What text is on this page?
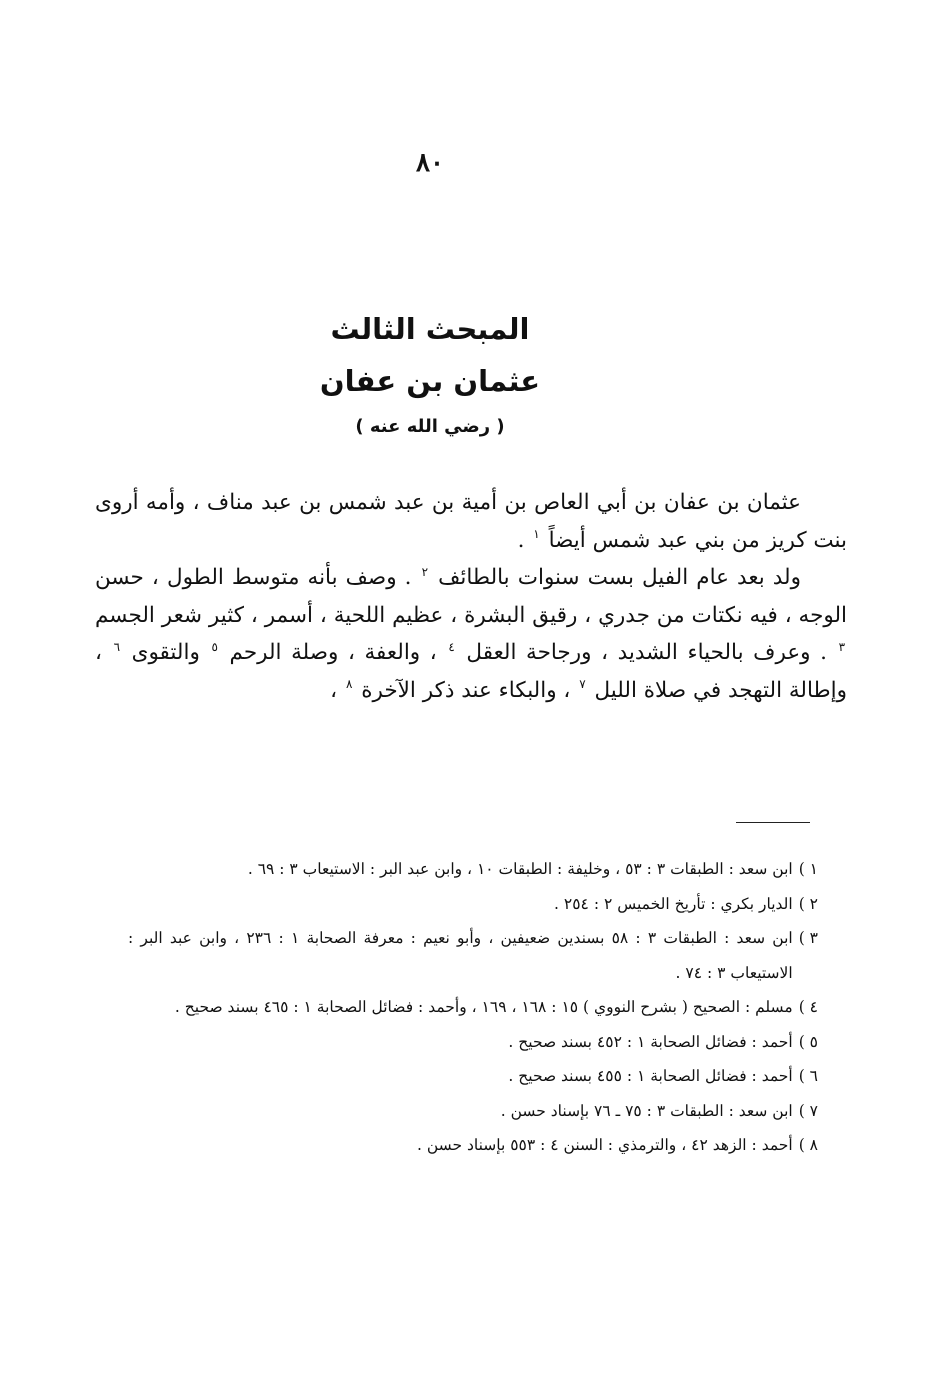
٨٠
المبحث الثالث
عثمان بن عفان
( رضي الله عنه )

عثمان بن عفان بن أبي العاص بن أمية بن عبد شمس بن عبد مناف ، وأمه أروى بنت كريز من بني عبد شمس أيضاً $^١$ .

ولد بعد عام الفيل بست سنوات بالطائف $^٢$ . وصف بأنه متوسط الطول ، حسن الوجه ، فيه نكتات من جدري ، رقيق البشرة ، عظيم اللحية ، أسمر ، كثير شعر الجسم $^٣$ . وعرف بالحياء الشديد ، ورجاحة العقل $^٤$ ، والعفة ، وصلة الرحم $^٥$ والتقوى $^٦$ ، وإطالة التهجد في صلاة الليل $^٧$ ، والبكاء عند ذكر الآخرة $^٨$ ،

١ )
ابن سعد : الطبقات ٣ : ٥٣ ، وخليفة : الطبقات ١٠ ، وابن عبد البر : الاستيعاب ٣ : ٦٩ .
٢ )
الديار بكري : تأريخ الخميس ٢ : ٢٥٤ .
٣ )
ابن سعد : الطبقات ٣ : ٥٨ بسندين ضعيفين ، وأبو نعيم : معرفة الصحابة ١ : ٢٣٦ ، وابن عبد البر : الاستيعاب ٣ : ٧٤ .
٤ )
مسلم : الصحيح ( بشرح النووي ) ١٥ : ١٦٨ ، ١٦٩ ، وأحمد : فضائل الصحابة ١ : ٤٦٥ بسند صحيح .
٥ )
أحمد : فضائل الصحابة ١ : ٤٥٢ بسند صحيح .
٦ )
أحمد : فضائل الصحابة ١ : ٤٥٥ بسند صحيح .
٧ )
ابن سعد : الطبقات ٣ : ٧٥ ـ ٧٦ بإسناد حسن .
٨ )
أحمد : الزهد ٤٢ ، والترمذي : السنن ٤ : ٥٥٣ بإسناد حسن .
